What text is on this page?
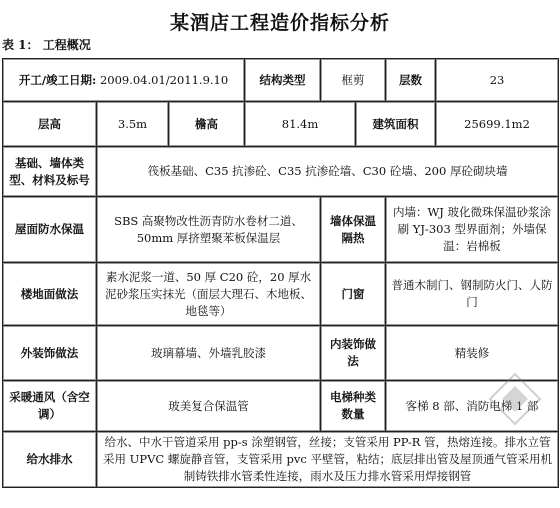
某酒店工程造价指标分析
表 1： 工程概况
开工/竣工日期: 2009.04.01/2011.9.10			结构类型	框剪		层数	23
层高	3.5m	檐高	81.4m		建筑面积		25699.1m2
基础、墙体类型、材料及标号	筏板基础、C35 抗渗砼、C35 抗渗砼墙、C30 砼墙、200 厚砼砌块墙						
屋面防水保温	SBS 高聚物改性沥青防水卷材二道、50mm 厚挤塑聚苯板保温层			墙体保温隔热		内墙：WJ 玻化微珠保温砂浆涂刷 YJ-303 型界面剂；外墙保温：岩棉板	
楼地面做法	素水泥浆一道、50 厚 C20 砼，20 厚水泥砂浆压实抹光（面层大理石、木地板、地毯等）			门窗		普通木制门、钢制防火门、人防门	
外装饰做法	玻璃幕墙、外墙乳胶漆			内装饰做法		精装修	
采暖通风（含空调）	玻美复合保温管			电梯种类数量		客梯 8 部、消防电梯 1 部	
给水排水	给水、中水干管道采用 pp-s 涂塑钢管，丝接；支管采用 PP-R 管，热熔连接。排水立管采用 UPVC 螺旋静音管，支管采用 pvc 平壁管，粘结；底层排出管及屋顶通气管采用机制铸铁排水管柔性连接，雨水及压力排水管采用焊接钢管						
